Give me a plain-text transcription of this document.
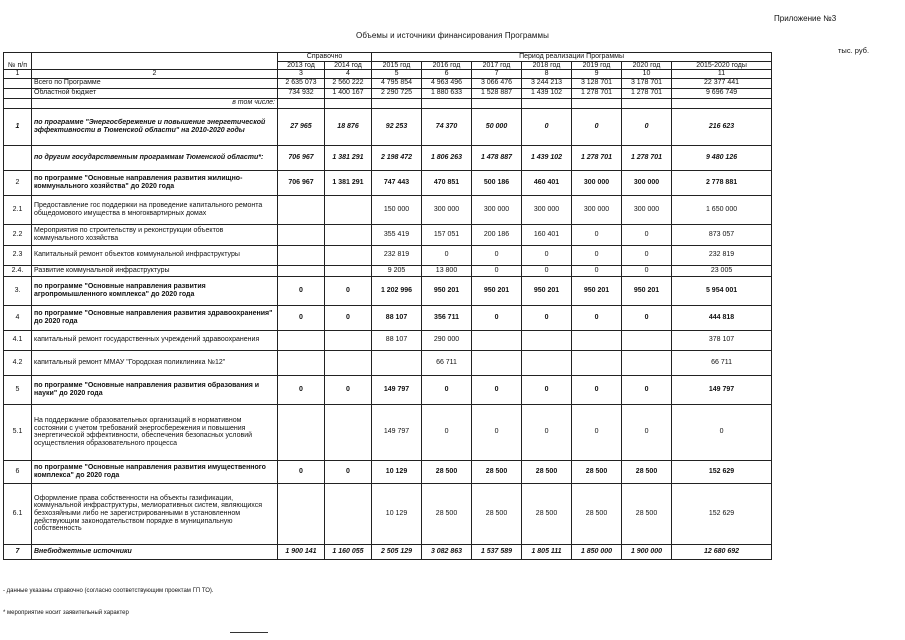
Приложение №3
Объемы и источники финансирования Программы
тыс. руб.
№ п/п		Справочно		Период реализации Программы						
		2013 год	2014 год	2015 год	2016 год	2017 год	2018 год	2019 год	2020 год	2015-2020 годы
1	2	3	4	5	6	7	8	9	10	11
	Всего по Программе	2 635 073	2 560 222	4 795 854	4 963 496	3 066 476	3 244 213	3 128 701	3 178 701	22 377 441
	Областной бюджет	734 932	1 400 167	2 290 725	1 880 633	1 528 887	1 439 102	1 278 701	1 278 701	9 696 749
	в том числе:									
1	по программе "Энергосбережение и повышение энергетической эффективности в Тюменской области" на 2010-2020 годы	27 965	18 876	92 253	74 370	50 000	0	0	0	216 623
	по другим государственным программам Тюменской области*:	706 967	1 381 291	2 198 472	1 806 263	1 478 887	1 439 102	1 278 701	1 278 701	9 480 126
2	по программе "Основные направления развития жилищно-коммунального хозяйства" до 2020 года	706 967	1 381 291	747 443	470 851	500 186	460 401	300 000	300 000	2 778 881
2.1	Предоставление гос поддержки на проведение капитального ремонта общедомового имущества в многоквартирных домах			150 000	300 000	300 000	300 000	300 000	300 000	1 650 000
2.2	Мероприятия по строительству и реконструкции объектов коммунального хозяйства			355 419	157 051	200 186	160 401	0	0	873 057
2.3	Капитальный ремонт объектов коммунальной инфраструктуры			232 819	0	0	0	0	0	232 819
2.4.	Развитие коммунальной инфраструктуры			9 205	13 800	0	0	0	0	23 005
3.	по программе "Основные направления развития агропромышленного комплекса" до 2020 года	0	0	1 202 996	950 201	950 201	950 201	950 201	950 201	5 954 001
4	по программе "Основные направления развития здравоохранения" до 2020 года	0	0	88 107	356 711	0	0	0	0	444 818
4.1	капитальный ремонт государственных учреждений здравоохранения			88 107	290 000					378 107
4.2	капитальный ремонт ММАУ "Городская поликлиника №12"				66 711					66 711
5	по программе "Основные направления развития образования и науки" до 2020 года	0	0	149 797	0	0	0	0	0	149 797
5.1	На поддержание образовательных организаций в нормативном состоянии с учетом требований энергосбережения и повышения энергетической эффективности, обеспечения безопасных условий осуществления образовательного процесса			149 797	0	0	0	0	0	0
6	по программе "Основные направления развития имущественного комплекса" до 2020 года	0	0	10 129	28 500	28 500	28 500	28 500	28 500	152 629
6.1	Оформление права собственности на объекты газификации, коммунальной инфраструктуры, мелиоративных систем, являющихся безхозяйными либо не зарегистрированными в установленном действующим законодательством порядке в муниципальную собственность			10 129	28 500	28 500	28 500	28 500	28 500	152 629
7	Внебюджетные источники	1 900 141	1 160 055	2 505 129	3 082 863	1 537 589	1 805 111	1 850 000	1 900 000	12 680 692
- данные указаны справочно (согласно соответствующим проектам ГП ТО).
* мероприятие носит заявительный характер
